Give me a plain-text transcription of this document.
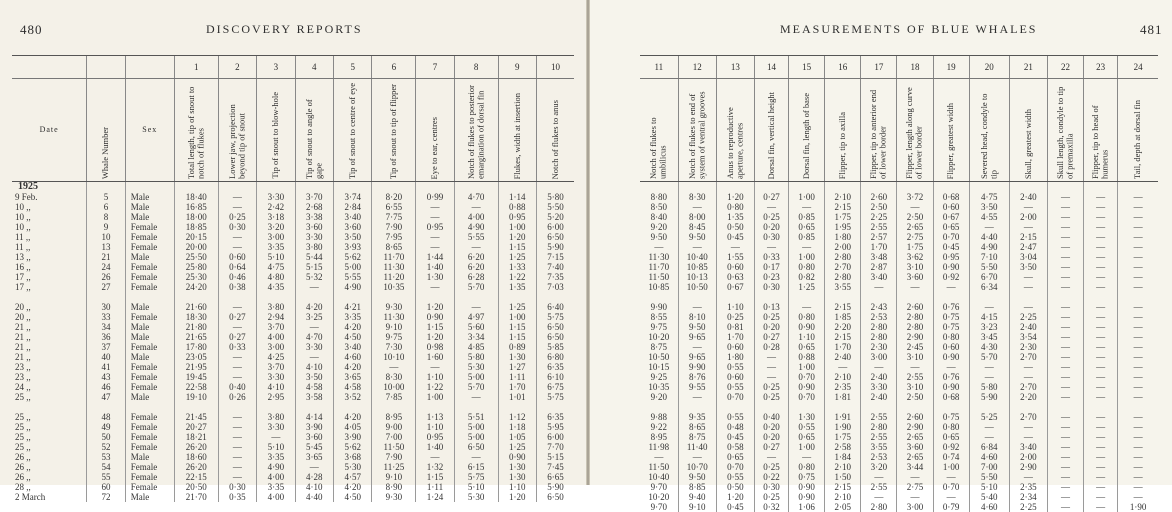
480	DISCOVERY REPORTS
			1	2	3	4	5	6	7	8	9	10
Date	Whale Number	Sex	Total length, tip of snout to notch of flukes	Lower jaw, projection beyond tip of snout	Tip of snout to blow-hole	Tip of snout to angle of gape	Tip of snout to centre of eye	Tip of snout to tip of flipper	Eye to ear, centres	Notch of flukes to posterior emargination of dorsal fin	Flukes, width at insertion	Notch of flukes to anus
1925												
9 Feb.	5	Male	18·40	—	3·30	3·70	3·74	8·20	0·99	4·70	1·14	5·80
10 ,,	6	Male	16·85	—	2·42	2·68	2·84	6·55	—	—	0·88	5·50
10 ,,	8	Male	18·00	0·25	3·18	3·38	3·40	7·75	—	4·00	0·95	5·20
10 ,,	9	Female	18·85	0·30	3·20	3·60	3·60	7·90	0·95	4·90	1·00	6·00
11 ,,	10	Female	20·15	—	3·00	3·30	3·50	7·95	—	5·55	1·20	6·50
11 ,,	13	Female	20·00	—	3·35	3·80	3·93	8·65	—	—	1·15	5·90
13 ,,	21	Male	25·50	0·60	5·10	5·44	5·62	11·70	1·44	6·20	1·25	7·15
16 ,,	24	Female	25·80	0·64	4·75	5·15	5·00	11·30	1·40	6·20	1·33	7·40
17 ,,	26	Female	25·30	0·46	4·80	5·32	5·55	11·20	1·30	6·28	1·22	7·35
17 ,,	27	Female	24·20	0·38	4·35	—	4·90	10·35	—	5·70	1·35	7·03

20 ,,	30	Male	21·60	—	3·80	4·20	4·21	9·30	1·20	—	1·25	6·40
20 ,,	33	Female	18·30	0·27	2·94	3·25	3·35	11·30	0·90	4·97	1·00	5·75
21 ,,	34	Male	21·80	—	3·70	—	4·20	9·10	1·15	5·60	1·15	6·50
21 ,,	36	Male	21·65	0·27	4·00	4·70	4·50	9·75	1·20	3·34	1·15	6·50
21 ,,	37	Female	17·80	0·33	3·00	3·30	3·40	7·30	0·98	4·85	0·89	5·85
21 ,,	40	Male	23·05	—	4·25	—	4·60	10·10	1·60	5·80	1·30	6·80
23 ,,	41	Female	21·95	—	3·70	4·10	4·20	—	—	5·30	1·27	6·35
23 ,,	43	Female	19·45	—	3·30	3·50	3·65	8·30	1·10	5·00	1·11	6·10
24 ,,	46	Female	22·58	0·40	4·10	4·58	4·58	10·00	1·22	5·70	1·70	6·75
25 ,,	47	Male	19·10	0·26	2·95	3·58	3·52	7·85	1·00	—	1·01	5·75

25 ,,	48	Female	21·45	—	3·80	4·14	4·20	8·95	1·13	5·51	1·12	6·35
25 ,,	49	Female	20·27	—	3·30	3·90	4·05	9·00	1·10	5·00	1·18	5·95
25 ,,	50	Female	18·21	—	—	3·60	3·90	7·00	0·95	5·00	1·05	6·00
25 ,,	52	Female	26·20	—	5·10	5·45	5·62	11·50	1·40	6·50	1·25	7·70
26 ,,	53	Male	18·60	—	3·35	3·65	3·68	7·90	—	—	0·90	5·15
26 ,,	54	Female	26·20	—	4·90	—	5·30	11·25	1·32	6·15	1·30	7·45
26 ,,	55	Female	22·15	—	4·00	4·28	4·57	9·10	1·15	5·75	1·30	6·65
28 ,,	60	Female	20·50	0·30	3·35	4·10	4·20	8·90	1·11	5·10	1·10	5·90
2 March	72	Male	21·70	0·35	4·00	4·40	4·50	9·30	1·24	5·30	1·20	6·50
MEASUREMENTS OF BLUE WHALES	481
11	12	13	14	15	16	17	18	19	20	21	22	23	24
Notch of flukes to umbilicus	Notch of flukes to end of system of ventral grooves	Anus to reproductive aperture, centres	Dorsal fin, vertical height	Dorsal fin, length of base	Flipper, tip to axilla	Flipper, tip to anterior end of lower border	Flipper, length along curve of lower border	Flipper, greatest width	Severed head, condyle to tip	Skull, greatest width	Skull length, condyle to tip of premaxilla	Flipper, tip to head of humerus	Tail, depth at dorsal fin

8·80	8·30	1·20	0·27	1·00	2·10	2·60	3·72	0·68	4·75	2·40	—	—	—
8·50	—	0·80	—	—	2·15	2·50	—	0·60	3·50	—	—	—	—
8·40	8·00	1·35	0·25	0·85	1·75	2·25	2·50	0·67	4·55	2·00	—	—	—
9·20	8·45	0·50	0·20	0·65	1·95	2·55	2·65	0·65	—	—	—	—	—
9·50	9·50	0·45	0·30	0·85	1·80	2·57	2·75	0·70	4·40	2·15	—	—	—
—	—	—	—	—	2·00	1·70	1·75	0·45	4·90	2·47	—	—	—
11·30	10·40	1·55	0·33	1·00	2·80	3·48	3·62	0·95	7·10	3·04	—	—	—
11·70	10·85	0·60	0·17	0·80	2·70	2·87	3·10	0·90	5·50	3·50	—	—	—
11·50	10·13	0·63	0·23	0·82	2·80	3·40	3·60	0·92	6·70	—	—	—	—
10·85	10·50	0·67	0·30	1·25	3·55	—	—	—	6·34	—	—	—	—

9·90	—	1·10	0·13	—	2·15	2·43	2·60	0·76	—	—	—	—	—
8·55	8·10	0·25	0·25	0·80	1·85	2·53	2·80	0·75	4·15	2·25	—	—	—
9·75	9·50	0·81	0·20	0·90	2·20	2·80	2·80	0·75	3·23	2·40	—	—	—
10·20	9·65	1·70	0·27	1·10	2·15	2·80	2·90	0·80	3·45	3·54	—	—	—
8·75	—	0·60	0·28	0·65	1·70	2·30	2·45	0·60	4·30	2·30	—	—	—
10·50	9·65	1·80	—	0·88	2·40	3·00	3·10	0·90	5·70	2·70	—	—	—
10·15	9·90	0·55	—	1·00	—	—	—	—	—	—	—	—	—
9·25	8·76	0·60	—	0·70	2·10	2·40	2·55	0·76	—	—	—	—	—
10·35	9·55	0·55	0·25	0·90	2·35	3·30	3·10	0·90	5·80	2·70	—	—	—
9·20	—	0·70	0·25	0·70	1·81	2·40	2·50	0·68	5·90	2·20	—	—	—

9·88	9·35	0·55	0·40	1·30	1·91	2·55	2·60	0·75	5·25	2·70	—	—	—
9·22	8·65	0·48	0·20	0·55	1·90	2·80	2·90	0·80	—	—	—	—	—
8·95	8·75	0·45	0·20	0·65	1·75	2·55	2·65	0·65	—	—	—	—	—
11·98	11·40	0·58	0·27	1·00	2·58	3·55	3·60	0·92	6·84	3·40	—	—	—
—	—	0·65	—	—	1·84	2·53	2·65	0·74	4·60	2·00	—	—	—
11·50	10·70	0·70	0·25	0·80	2·10	3·20	3·44	1·00	7·00	2·90	—	—	—
10·40	9·50	0·55	0·22	0·75	1·50	—	—	—	5·50	—	—	—	—
9·70	8·85	0·50	0·30	0·90	2·15	2·55	2·75	0·70	5·10	2·35	—	—	—
10·20	9·40	1·20	0·25	0·90	2·10	—	—	—	5·40	2·34	—	—	—
9·70	9·10	0·45	0·32	1·06	2·05	2·80	3·00	0·79	4·60	2·25	—	—	1·90
